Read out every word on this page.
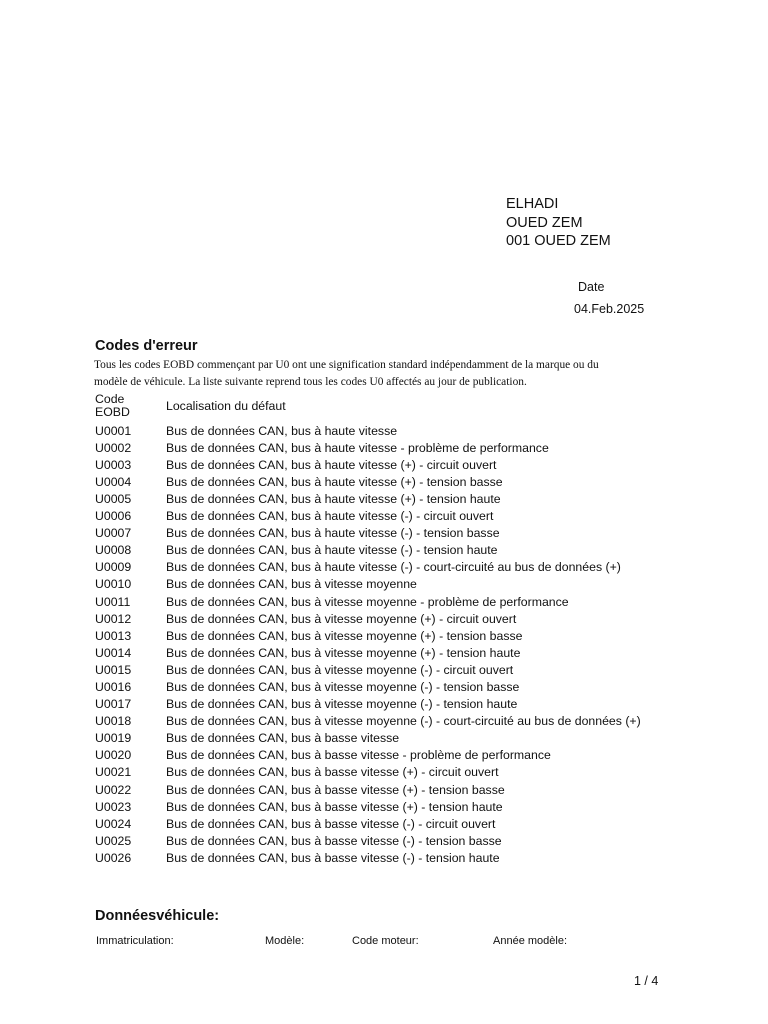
ELHADI
OUED ZEM
001 OUED ZEM
Date
04.Feb.2025
Codes d'erreur
Tous les codes EOBD commençant par U0 ont une signification standard indépendamment de la marque ou du
modèle de véhicule. La liste suivante reprend tous les codes U0 affectés au jour de publication.
Code
EOBD	Localisation du défaut
U0001	Bus de données CAN, bus à haute vitesse
U0002	Bus de données CAN, bus à haute vitesse - problème de performance
U0003	Bus de données CAN, bus à haute vitesse (+) - circuit ouvert
U0004	Bus de données CAN, bus à haute vitesse (+) - tension basse
U0005	Bus de données CAN, bus à haute vitesse (+) - tension haute
U0006	Bus de données CAN, bus à haute vitesse (-) - circuit ouvert
U0007	Bus de données CAN, bus à haute vitesse (-) - tension basse
U0008	Bus de données CAN, bus à haute vitesse (-) - tension haute
U0009	Bus de données CAN, bus à haute vitesse (-) - court-circuité au bus de données (+)
U0010	Bus de données CAN, bus à vitesse moyenne
U0011	Bus de données CAN, bus à vitesse moyenne - problème de performance
U0012	Bus de données CAN, bus à vitesse moyenne (+) - circuit ouvert
U0013	Bus de données CAN, bus à vitesse moyenne (+) - tension basse
U0014	Bus de données CAN, bus à vitesse moyenne (+) - tension haute
U0015	Bus de données CAN, bus à vitesse moyenne (-) - circuit ouvert
U0016	Bus de données CAN, bus à vitesse moyenne (-) - tension basse
U0017	Bus de données CAN, bus à vitesse moyenne (-) - tension haute
U0018	Bus de données CAN, bus à vitesse moyenne (-) - court-circuité au bus de données (+)
U0019	Bus de données CAN, bus à basse vitesse
U0020	Bus de données CAN, bus à basse vitesse - problème de performance
U0021	Bus de données CAN, bus à basse vitesse (+) - circuit ouvert
U0022	Bus de données CAN, bus à basse vitesse (+) - tension basse
U0023	Bus de données CAN, bus à basse vitesse (+) - tension haute
U0024	Bus de données CAN, bus à basse vitesse (-) - circuit ouvert
U0025	Bus de données CAN, bus à basse vitesse (-) - tension basse
U0026	Bus de données CAN, bus à basse vitesse (-) - tension haute
Donnéesvéhicule:
Immatriculation:	Modèle:	Code moteur:	Année modèle:
1 / 4
